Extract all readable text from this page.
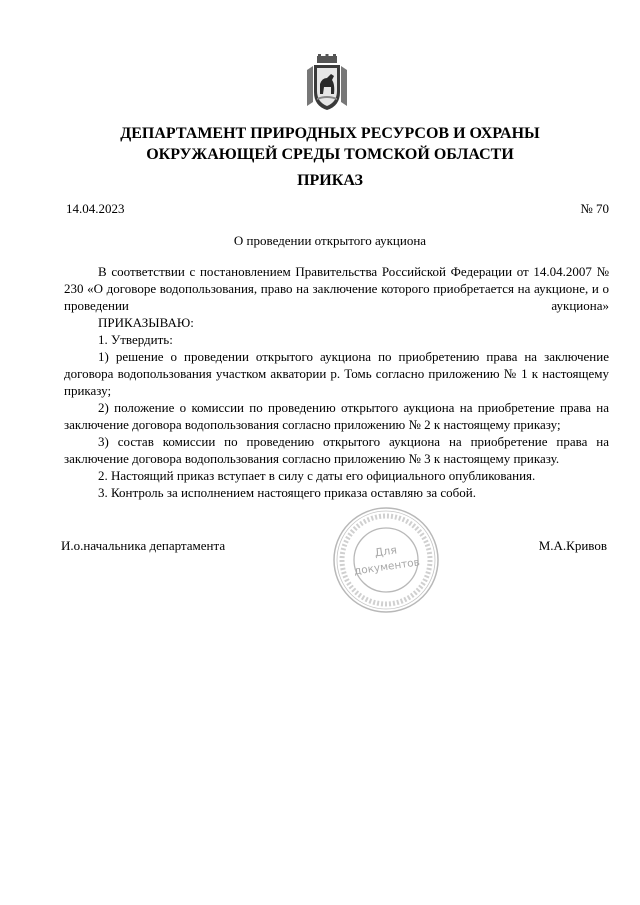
ДЕПАРТАМЕНТ ПРИРОДНЫХ РЕСУРСОВ И ОХРАНЫ
ОКРУЖАЮЩЕЙ СРЕДЫ ТОМСКОЙ ОБЛАСТИ
ПРИКАЗ
14.04.2023	№ 70
О проведении открытого аукциона

В соответствии с постановлением Правительства Российской Федерации от 14.04.2007 № 230 «О договоре водопользования, право на заключение которого приобретается на аукционе, и о проведении аукциона»

ПРИКАЗЫВАЮ:

1. Утвердить:

1) решение о проведении открытого аукциона по приобретению права на заключение договора водопользования участком акватории р. Томь согласно приложению № 1 к настоящему приказу;

2) положение о комиссии по проведению открытого аукциона на приобретение права на заключение договора водопользования согласно приложению № 2 к настоящему приказу;

3) состав комиссии по проведению открытого аукциона на приобретение права на заключение договора водопользования согласно приложению № 3 к настоящему приказу.

2. Настоящий приказ вступает в силу с даты его официального опубликования.

3. Контроль за исполнением настоящего приказа оставляю за собой.

И.о.начальника департамента	М.А.Кривов
Для
документов
